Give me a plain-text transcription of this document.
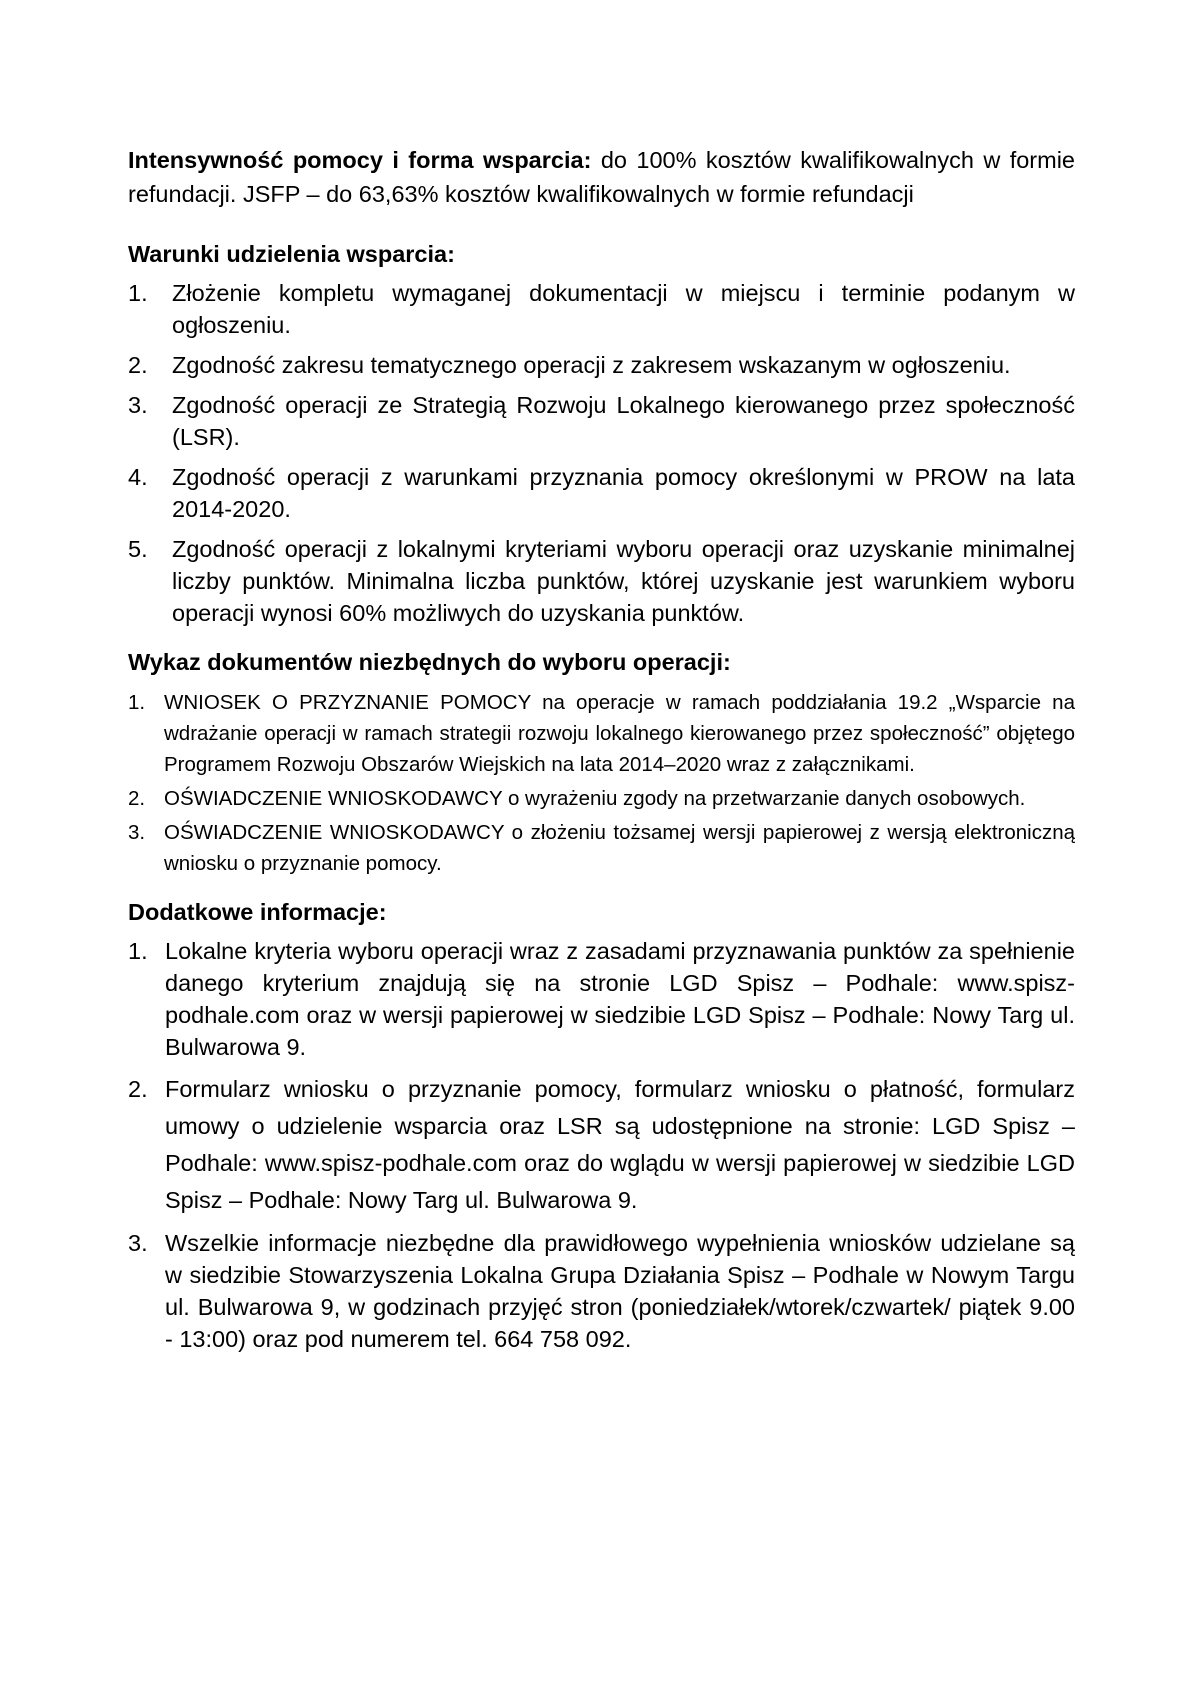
Intensywność pomocy i forma wsparcia: do 100% kosztów kwalifikowalnych w formie refundacji. JSFP – do 63,63% kosztów kwalifikowalnych w formie refundacji

Warunki udzielenia wsparcia:
1. Złożenie kompletu wymaganej dokumentacji w miejscu i terminie podanym w ogłoszeniu.
2. Zgodność zakresu tematycznego operacji z zakresem wskazanym w ogłoszeniu.
3. Zgodność operacji ze Strategią Rozwoju Lokalnego kierowanego przez społeczność (LSR).
4. Zgodność operacji z warunkami przyznania pomocy określonymi w PROW na lata 2014-2020.
5. Zgodność operacji z lokalnymi kryteriami wyboru operacji oraz uzyskanie minimalnej liczby punktów. Minimalna liczba punktów, której uzyskanie jest warunkiem wyboru operacji wynosi 60% możliwych do uzyskania punktów.
Wykaz dokumentów niezbędnych do wyboru operacji:
1. WNIOSEK O PRZYZNANIE POMOCY na operacje w ramach poddziałania 19.2 „Wsparcie na wdrażanie operacji w ramach strategii rozwoju lokalnego kierowanego przez społeczność” objętego Programem Rozwoju Obszarów Wiejskich na lata 2014–2020 wraz z załącznikami.
2. OŚWIADCZENIE WNIOSKODAWCY o wyrażeniu zgody na przetwarzanie danych osobowych.
3. OŚWIADCZENIE WNIOSKODAWCY o złożeniu tożsamej wersji papierowej z wersją elektroniczną wniosku o przyznanie pomocy.
Dodatkowe informacje:
1. Lokalne kryteria wyboru operacji wraz z zasadami przyznawania punktów za spełnienie danego kryterium znajdują się na stronie LGD Spisz – Podhale: www.spisz-podhale.com oraz w wersji papierowej w siedzibie LGD Spisz – Podhale: Nowy Targ ul. Bulwarowa 9.
2. Formularz wniosku o przyznanie pomocy, formularz wniosku o płatność, formularz umowy o udzielenie wsparcia oraz LSR są udostępnione na stronie: LGD Spisz – Podhale: www.spisz-podhale.com oraz do wglądu w wersji papierowej w siedzibie LGD Spisz – Podhale: Nowy Targ ul. Bulwarowa 9.
3. Wszelkie informacje niezbędne dla prawidłowego wypełnienia wniosków udzielane są w siedzibie Stowarzyszenia Lokalna Grupa Działania Spisz – Podhale w Nowym Targu ul. Bulwarowa 9, w godzinach przyjęć stron (poniedziałek/wtorek/czwartek/ piątek 9.00 - 13:00) oraz pod numerem tel. 664 758 092.
